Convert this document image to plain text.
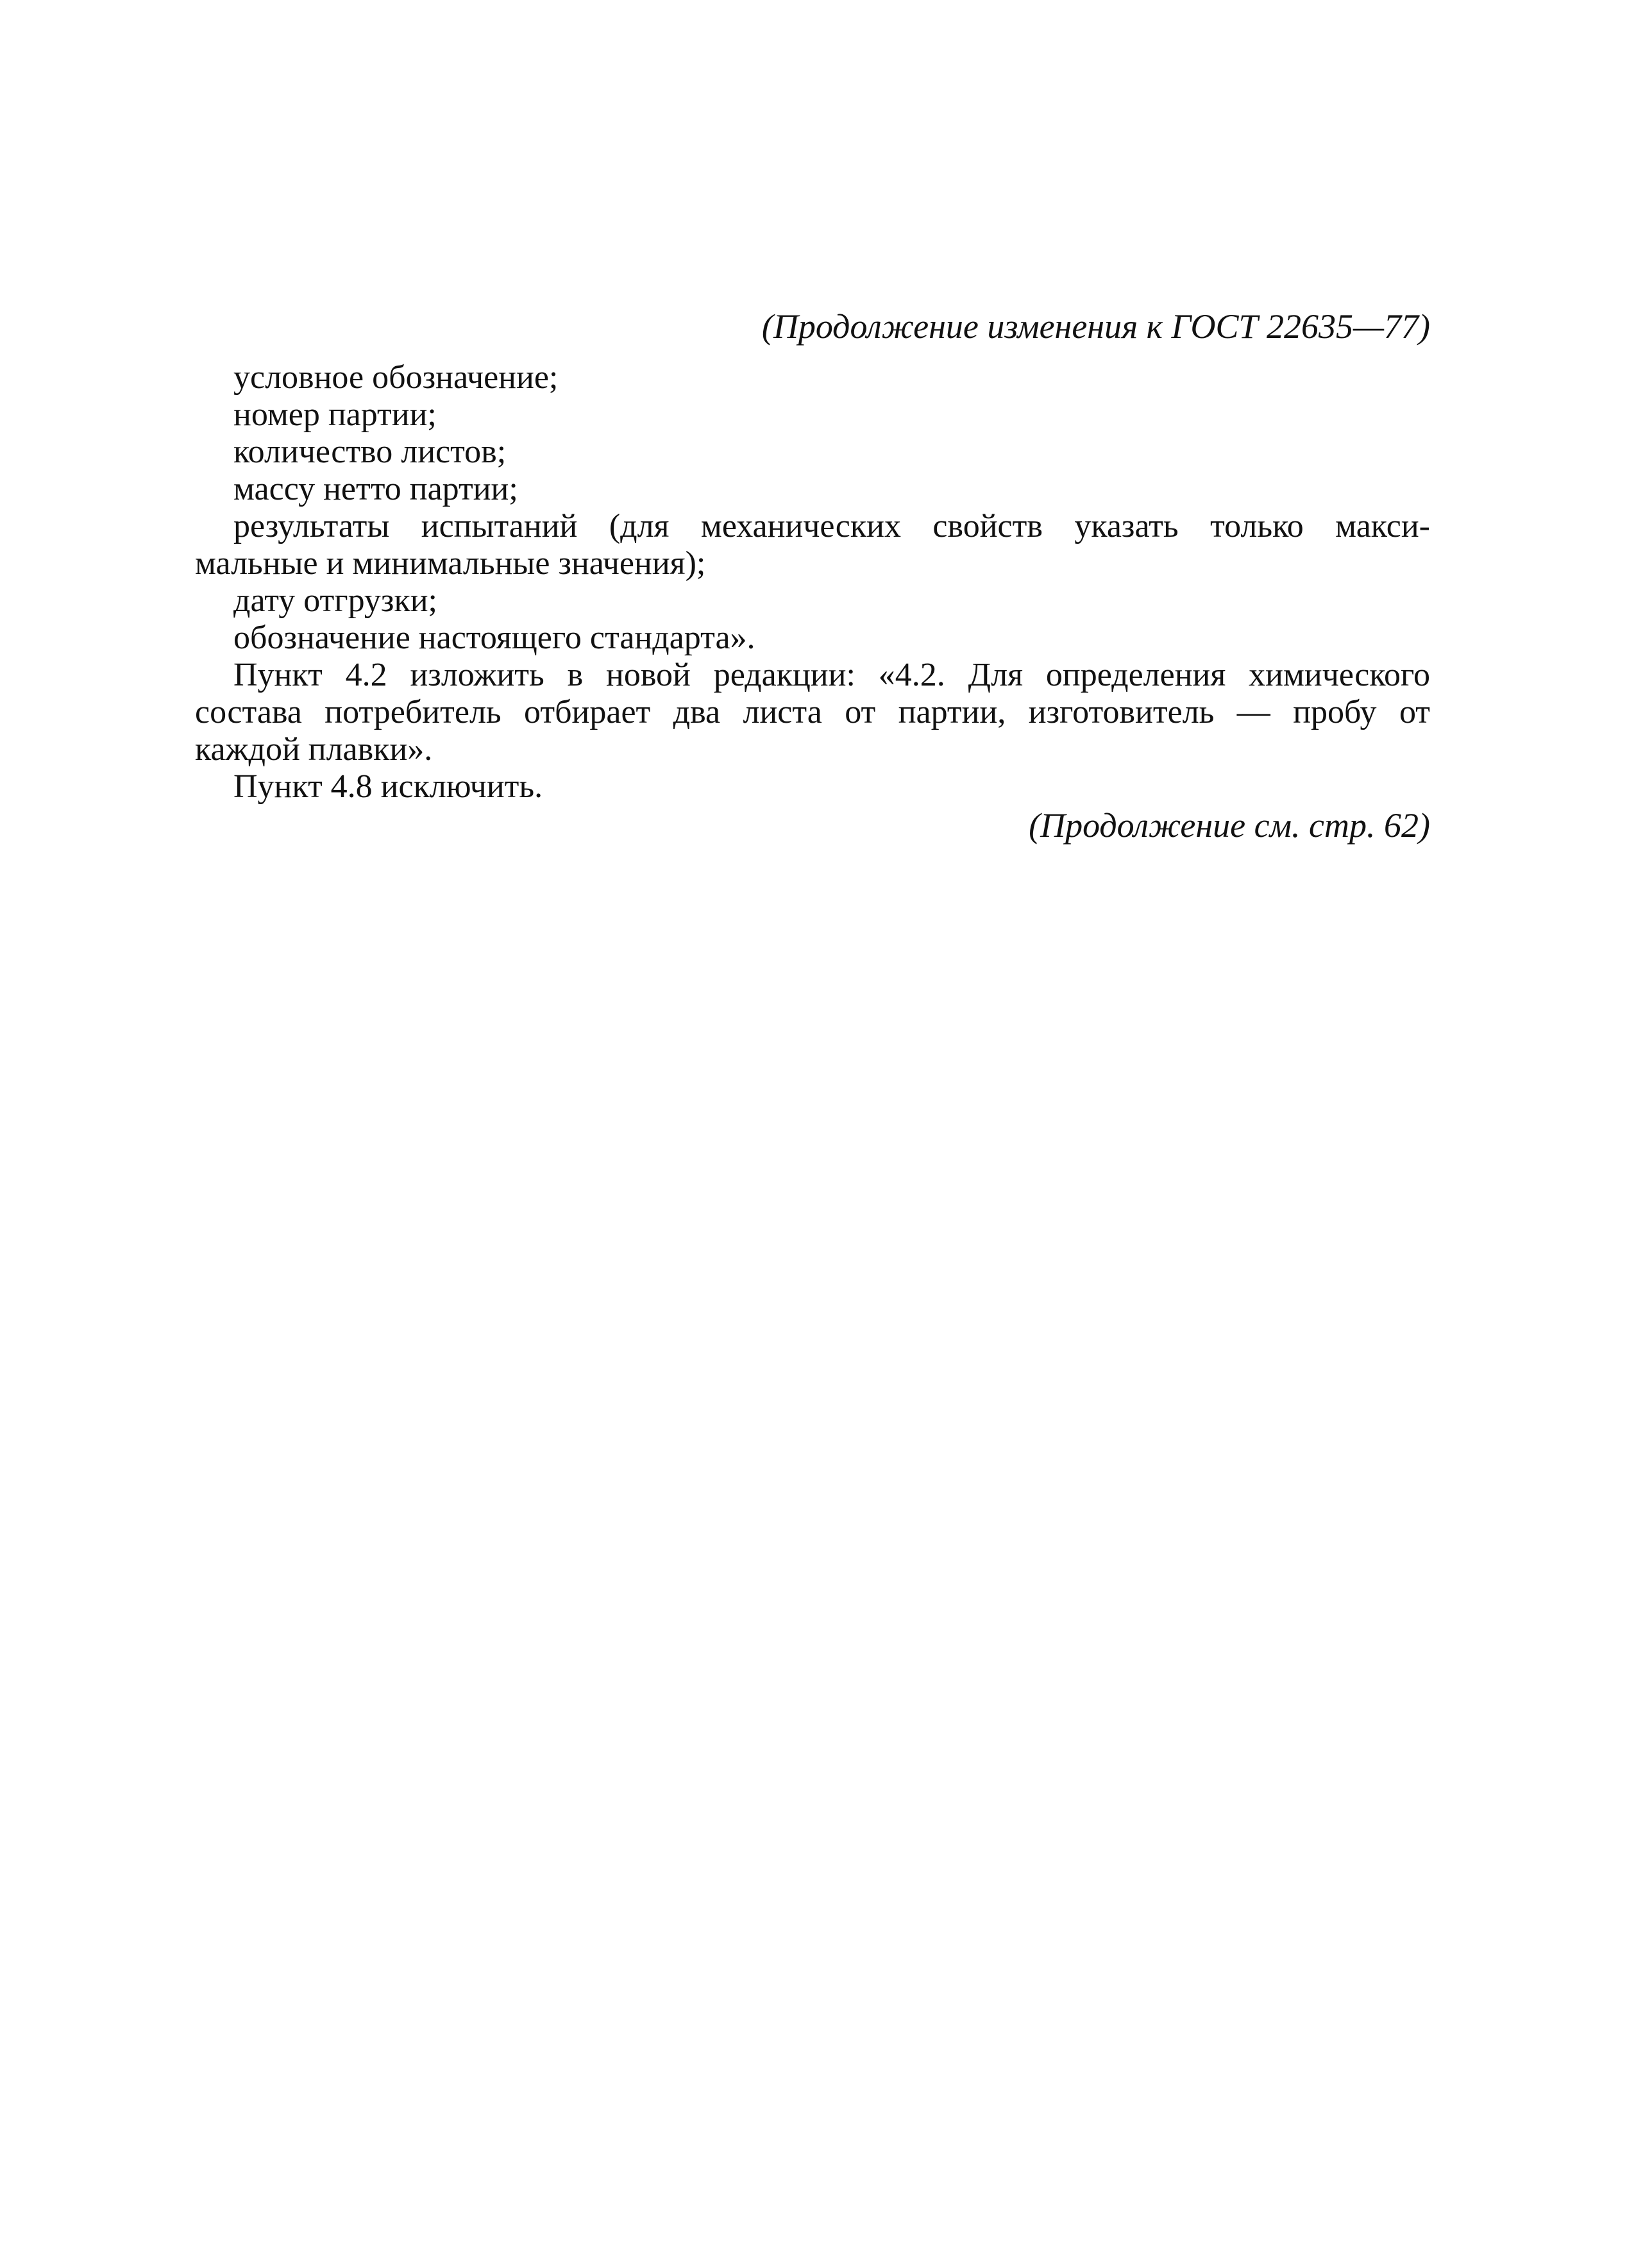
(Продолжение изменения к ГОСТ 22635—77)
условное обозначение;
номер партии;
количество листов;
массу нетто партии;
результаты испытаний (для механических свойств указать только макси-
мальные и минимальные значения);
дату отгрузки;
обозначение настоящего стандарта».
Пункт 4.2 изложить в новой редакции: «4.2. Для определения химического
состава потребитель отбирает два листа от партии, изготовитель — пробу от
каждой плавки».
Пункт 4.8 исключить.
(Продолжение см. стр. 62)
